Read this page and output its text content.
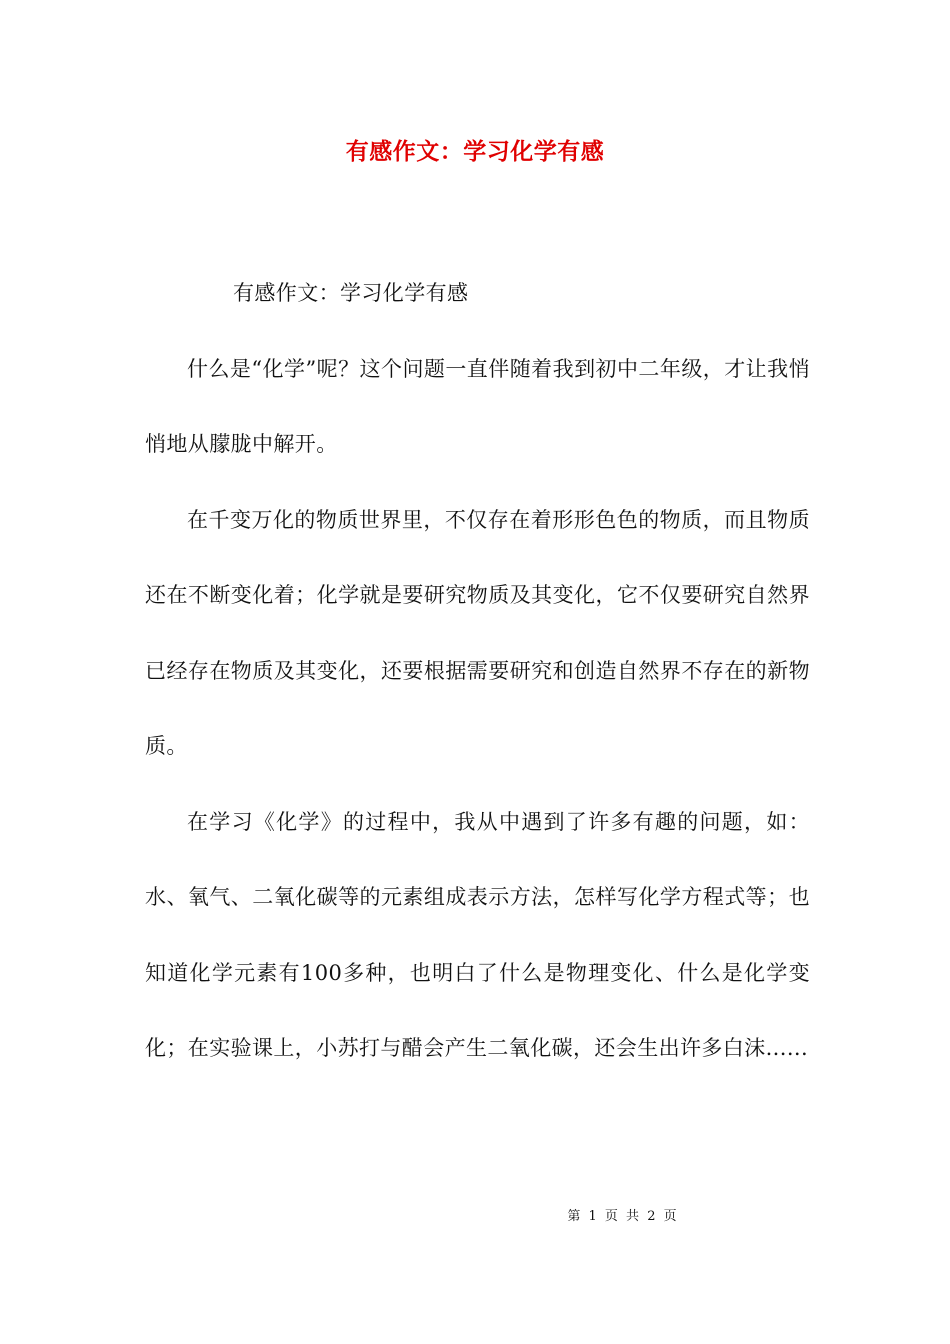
有感作文：学习化学有感

有感作文：学习化学有感

什么是“化学”呢？这个问题一直伴随着我到初中二年级，才让我悄悄地从朦胧中解开。

在千变万化的物质世界里，不仅存在着形形色色的物质，而且物质还在不断变化着；化学就是要研究物质及其变化，它不仅要研究自然界已经存在物质及其变化，还要根据需要研究和创造自然界不存在的新物质。

在学习《化学》的过程中，我从中遇到了许多有趣的问题，如：水、氧气、二氧化碳等的元素组成表示方法，怎样写化学方程式等；也知道化学元素有100多种，也明白了什么是物理变化、什么是化学变化；在实验课上，小苏打与醋会产生二氧化碳，还会生出许多白沫......

第 1 页 共 2 页
